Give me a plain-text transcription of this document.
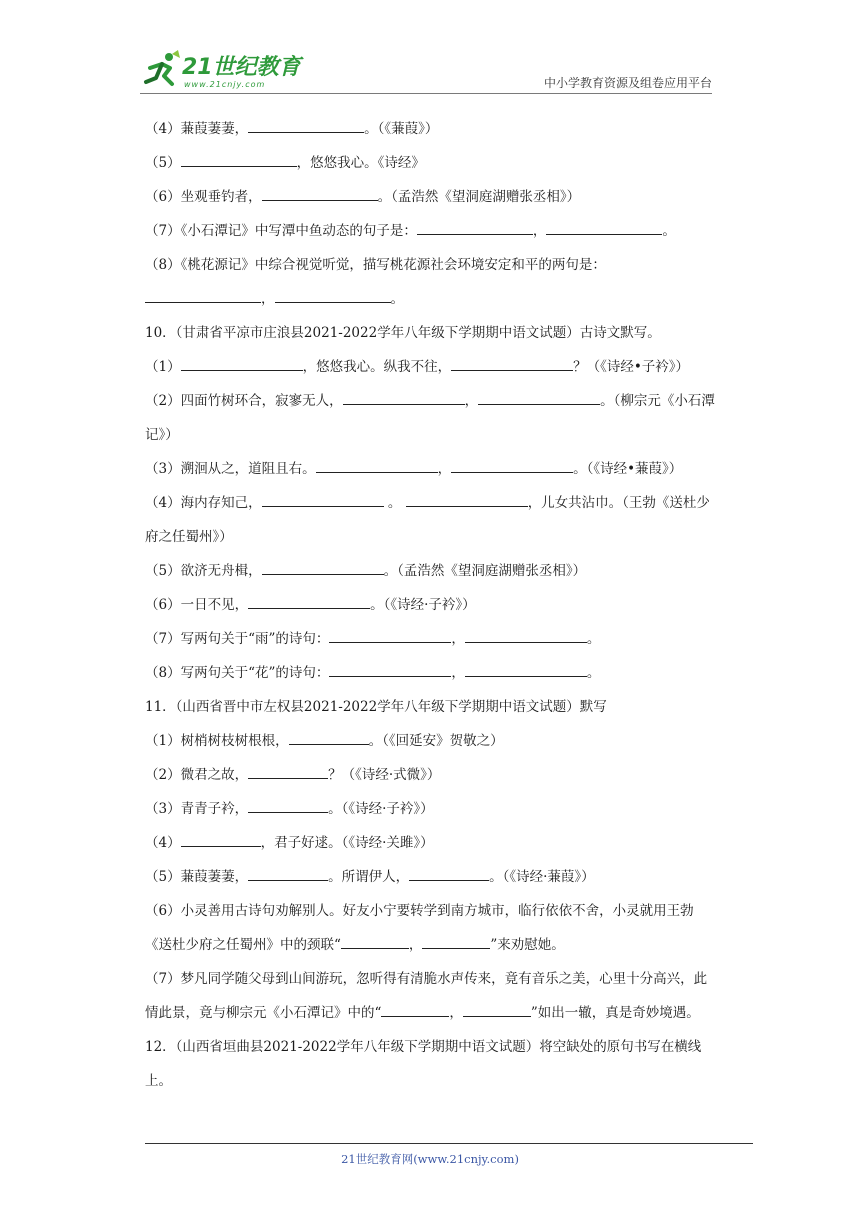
21世纪教育
www.21cnjy.com	中小学教育资源及组卷应用平台
（4）蒹葭萋萋，	。（《蒹葭》）
（5）	，悠悠我心。《诗经》
（6）坐观垂钓者，	。（孟浩然《望洞庭湖赠张丞相》）
（7）《小石潭记》中写潭中鱼动态的句子是：	，	。
（8）《桃花源记》中综合视觉听觉，描写桃花源社会环境安定和平的两句是：
，	。
10．（甘肃省平凉市庄浪县2021-2022学年八年级下学期期中语文试题）古诗文默写。
（1）	，悠悠我心。纵我不往，	？（《诗经•子衿》）
（2）四面竹树环合，寂寥无人，	，	。（柳宗元《小石潭记》）
（3）溯洄从之，道阻且右。	，	。（《诗经•蒹葭》）
（4）海内存知己，	。	，儿女共沾巾。（王勃《送杜少府之任蜀州》）
（5）欲济无舟楫，	。（孟浩然《望洞庭湖赠张丞相》）
（6）一日不见，	。（《诗经·子衿》）
（7）写两句关于“雨”的诗句：	，	。
（8）写两句关于“花”的诗句：	，	。
11．（山西省晋中市左权县2021-2022学年八年级下学期期中语文试题）默写
（1）树梢树枝树根根，	。（《回延安》贺敬之）
（2）微君之故，	？（《诗经·式微》）
（3）青青子衿，	。（《诗经·子衿》）
（4）	，君子好逑。（《诗经·关雎》）
（5）蒹葭萋萋，	。所谓伊人，	。（《诗经·蒹葭》）
（6）小灵善用古诗句劝解别人。好友小宁要转学到南方城市，临行依依不舍，小灵就用王勃《送杜少府之任蜀州》中的颈联“	，	”来劝慰她。
（7）梦凡同学随父母到山间游玩，忽听得有清脆水声传来，竟有音乐之美，心里十分高兴，此情此景，竟与柳宗元《小石潭记》中的“	，	”如出一辙，真是奇妙境遇。
12．（山西省垣曲县2021-2022学年八年级下学期期中语文试题）将空缺处的原句书写在横线上。
21世纪教育网(www.21cnjy.com)
